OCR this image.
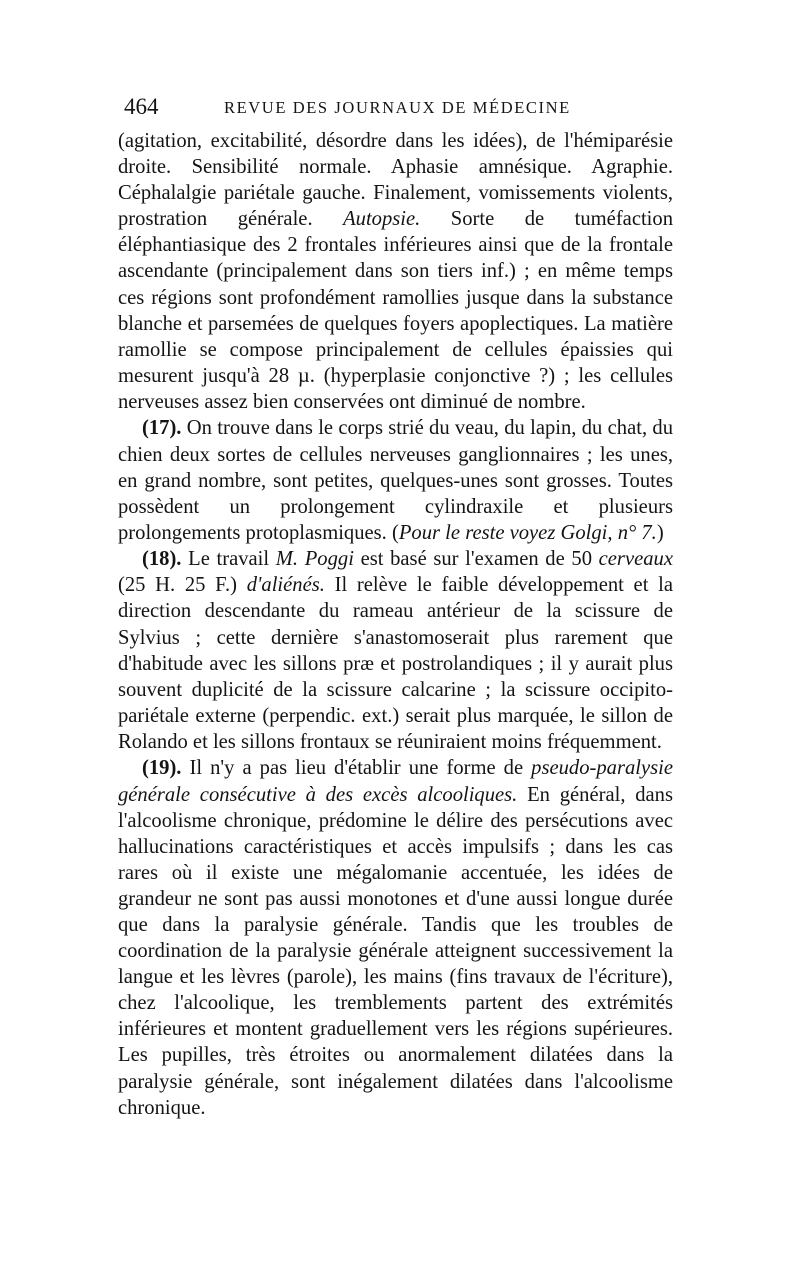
464	REVUE DES JOURNAUX DE MÉDECINE

(agitation, excitabilité, désordre dans les idées), de l'hémiparésie droite. Sensibilité normale. Aphasie amnésique. Agraphie. Céphalalgie pariétale gauche. Finalement, vomissements violents, prostration générale. Autopsie. Sorte de tuméfaction éléphantiasique des 2 frontales inférieures ainsi que de la frontale ascendante (principalement dans son tiers inf.) ; en même temps ces régions sont profondément ramollies jusque dans la substance blanche et parsemées de quelques foyers apoplectiques. La matière ramollie se compose principalement de cellules épaissies qui mesurent jusqu'à 28 µ. (hyperplasie conjonctive ?) ; les cellules nerveuses assez bien conservées ont diminué de nombre.

(17). On trouve dans le corps strié du veau, du lapin, du chat, du chien deux sortes de cellules nerveuses ganglionnaires ; les unes, en grand nombre, sont petites, quelques-unes sont grosses. Toutes possèdent un prolongement cylindraxile et plusieurs prolongements protoplasmiques. (Pour le reste voyez Golgi, n° 7.)

(18). Le travail M. Poggi est basé sur l'examen de 50 cerveaux (25 H. 25 F.) d'aliénés. Il relève le faible développement et la direction descendante du rameau antérieur de la scissure de Sylvius ; cette dernière s'anastomoserait plus rarement que d'habitude avec les sillons præ et postrolandiques ; il y aurait plus souvent duplicité de la scissure calcarine ; la scissure occipito-pariétale externe (perpendic. ext.) serait plus marquée, le sillon de Rolando et les sillons frontaux se réuniraient moins fréquemment.

(19). Il n'y a pas lieu d'établir une forme de pseudo-paralysie générale consécutive à des excès alcooliques. En général, dans l'alcoolisme chronique, prédomine le délire des persécutions avec hallucinations caractéristiques et accès impulsifs ; dans les cas rares où il existe une mégalomanie accentuée, les idées de grandeur ne sont pas aussi monotones et d'une aussi longue durée que dans la paralysie générale. Tandis que les troubles de coordination de la paralysie générale atteignent successivement la langue et les lèvres (parole), les mains (fins travaux de l'écriture), chez l'alcoolique, les tremblements partent des extrémités inférieures et montent graduellement vers les régions supérieures. Les pupilles, très étroites ou anormalement dilatées dans la paralysie générale, sont inégalement dilatées dans l'alcoolisme chronique.
